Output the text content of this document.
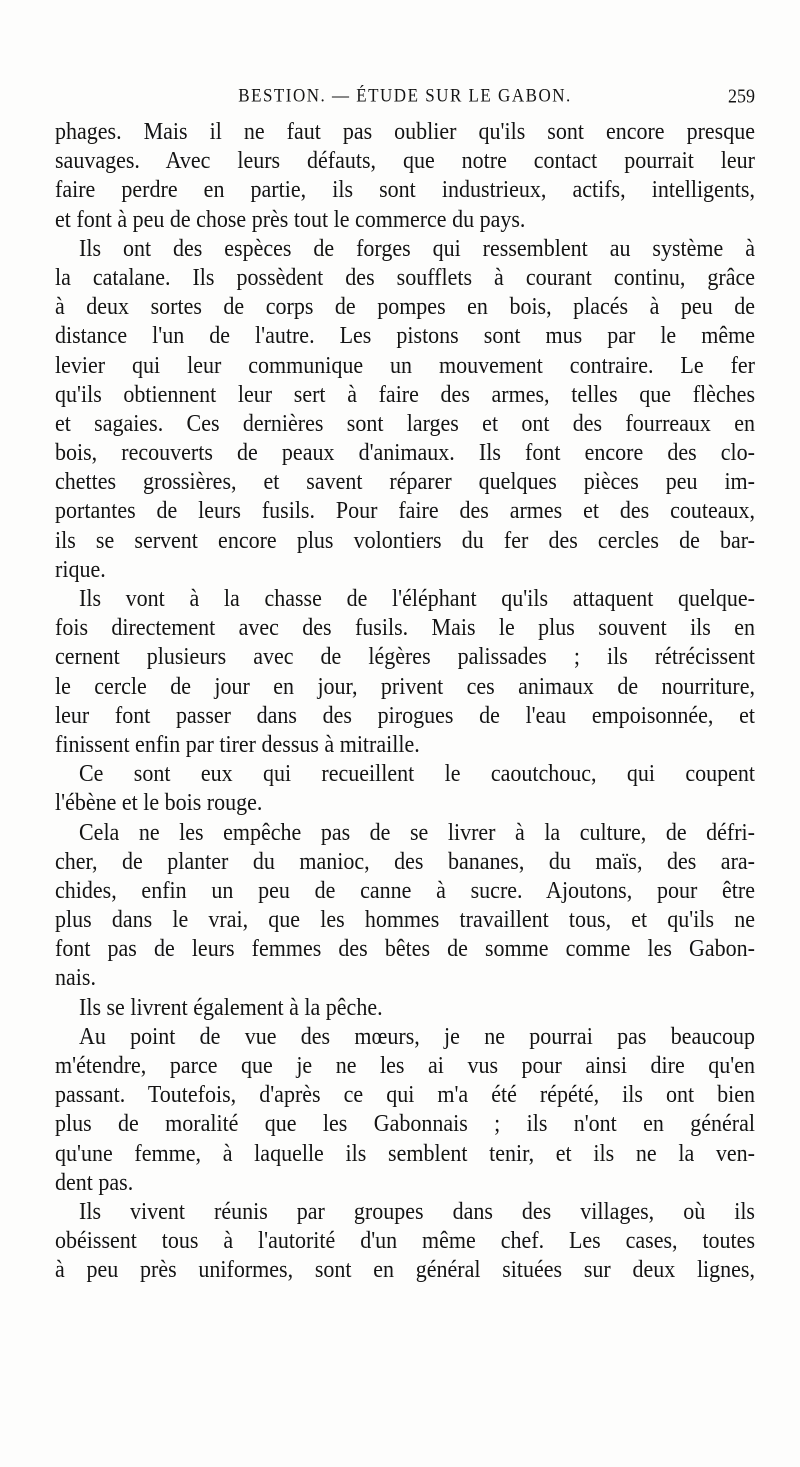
BESTION. — ÉTUDE SUR LE GABON.	259
phages. Mais il ne faut pas oublier qu'ils sont encore presque
sauvages. Avec leurs défauts, que notre contact pourrait leur
faire perdre en partie, ils sont industrieux, actifs, intelligents,
et font à peu de chose près tout le commerce du pays.
Ils ont des espèces de forges qui ressemblent au système à
la catalane. Ils possèdent des soufflets à courant continu, grâce
à deux sortes de corps de pompes en bois, placés à peu de
distance l'un de l'autre. Les pistons sont mus par le même
levier qui leur communique un mouvement contraire. Le fer
qu'ils obtiennent leur sert à faire des armes, telles que flèches
et sagaies. Ces dernières sont larges et ont des fourreaux en
bois, recouverts de peaux d'animaux. Ils font encore des clo-
chettes grossières, et savent réparer quelques pièces peu im-
portantes de leurs fusils. Pour faire des armes et des couteaux,
ils se servent encore plus volontiers du fer des cercles de bar-
rique.
Ils vont à la chasse de l'éléphant qu'ils attaquent quelque-
fois directement avec des fusils. Mais le plus souvent ils en
cernent plusieurs avec de légères palissades ; ils rétrécissent
le cercle de jour en jour, privent ces animaux de nourriture,
leur font passer dans des pirogues de l'eau empoisonnée, et
finissent enfin par tirer dessus à mitraille.
Ce sont eux qui recueillent le caoutchouc, qui coupent
l'ébène et le bois rouge.
Cela ne les empêche pas de se livrer à la culture, de défri-
cher, de planter du manioc, des bananes, du maïs, des ara-
chides, enfin un peu de canne à sucre. Ajoutons, pour être
plus dans le vrai, que les hommes travaillent tous, et qu'ils ne
font pas de leurs femmes des bêtes de somme comme les Gabon-
nais.
Ils se livrent également à la pêche.
Au point de vue des mœurs, je ne pourrai pas beaucoup
m'étendre, parce que je ne les ai vus pour ainsi dire qu'en
passant. Toutefois, d'après ce qui m'a été répété, ils ont bien
plus de moralité que les Gabonnais ; ils n'ont en général
qu'une femme, à laquelle ils semblent tenir, et ils ne la ven-
dent pas.
Ils vivent réunis par groupes dans des villages, où ils
obéissent tous à l'autorité d'un même chef. Les cases, toutes
à peu près uniformes, sont en général situées sur deux lignes,
